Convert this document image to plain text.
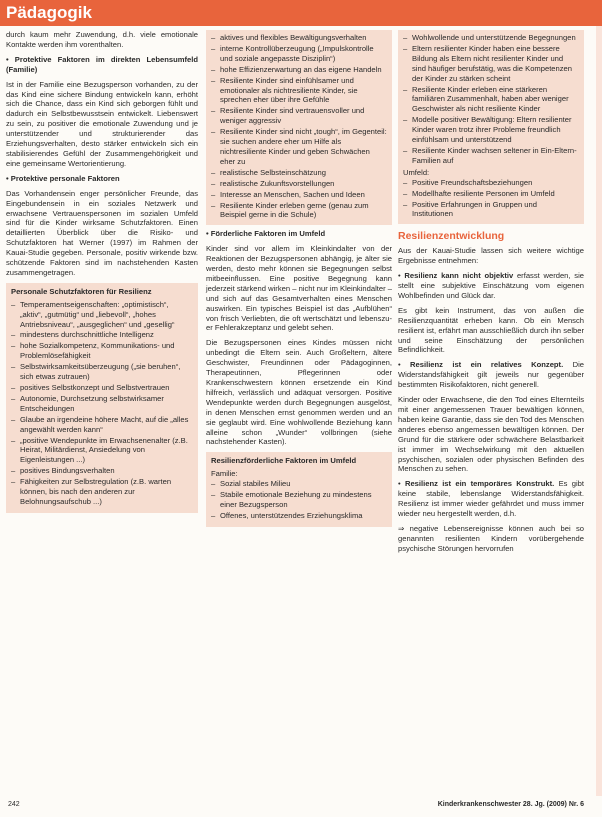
Pädagogik

durch kaum mehr Zuwendung, d.h. viele emotionale Kontakte werden ihm vorenthalten.

• Protektive Faktoren im direkten Lebensumfeld (Familie)

Ist in der Familie eine Bezugsperson vorhanden, zu der das Kind eine sichere Bindung entwickeln kann, erhöht sich die Chance, dass ein Kind sich geborgen fühlt und dadurch ein Selbstbewusstsein entwickelt. Liebenswert zu sein, zu positiver die emotionale Zuwendung und je unterstützender und strukturierender das Erziehungsverhalten, desto stärker entwickeln sich ein stabilisierendes Gefühl der Zusammengehörigkeit und eine gemeinsame Wertorientierung.

• Protektive personale Faktoren

Das Vorhandensein enger persönlicher Freunde, das Eingebundensein in ein soziales Netzwerk und erwachsene Vertrauenspersonen im sozialen Umfeld sind für die Kinder wirksame Schutzfaktoren. Einen detaillierten Überblick über die Risiko- und Schutzfaktoren hat Werner (1997) im Rahmen der Kauai-Studie gegeben. Personale, positiv wirkende bzw. schützende Faktoren sind im nachstehenden Kasten zusammengetragen.

Personale Schutzfaktoren für Resilienz
– Temperamentseigenschaften: „optimistisch“, „aktiv“, „gutmütig“ und „liebevoll“, „hohes Antriebsniveau“, „ausgeglichen“ und „gesellig“
– mindestens durchschnittliche Intelligenz
– hohe Sozialkompetenz, Kommunikations- und Problemlösefähigkeit
– Selbstwirksamkeitsüberzeugung („sie beruhen“, sich etwas zutrauen)
– positives Selbstkonzept und Selbstvertrauen
– Autonomie, Durchsetzung selbstwirksamer Entscheidungen
– Glaube an irgendeine höhere Macht, auf die „alles angewählt werden kann“
– „positive Wendepunkte im Erwachsenenalter (z.B. Heirat, Militärdienst, Ansiedelung von Eigenleistungen ...)
– positives Bindungsverhalten
– Fähigkeiten zur Selbstregulation (z.B. warten können, bis nach den anderen zur Belohnungsaufschub ...)
– aktives und flexibles Bewältigungsverhalten
– interne Kontrollüberzeugung („Impulskontrolle und soziale angepasste Disziplin“)
– hohe Effizienzerwartung an das eigene Handeln
– Resiliente Kinder sind einfühlsamer und emotionaler als nichtresiliente Kinder, sie sprechen eher über ihre Gefühle
– Resiliente Kinder sind vertrauensvoller und weniger aggressiv
– Resiliente Kinder sind nicht „tough“, im Gegenteil: sie suchen andere eher um Hilfe als nichtresiliente Kinder und geben Schwächen eher zu
– realistische Selbsteinschätzung
– realistische Zukunftsvorstellungen
– Interesse an Menschen, Sachen und Ideen
– Resiliente Kinder erleben gerne (genau zum Beispiel gerne in die Schule)

• Förderliche Faktoren im Umfeld

Kinder sind vor allem im Kleinkindalter von der Reaktionen der Bezugspersonen abhängig, je älter sie werden, desto mehr können sie Begegnungen selbst mitbeeinflussen. Eine positive Begegnung kann jederzeit stärkend wirken – nicht nur im Kleinkindalter – und sich auf das Gesamtverhalten eines Menschen auswirken. Ein typisches Beispiel ist das „Aufblühen“ von frisch Verliebten, die oft wertschätzt und lebenszu- er Fehlerakzeptanz und gelebt sehen.

Die Bezugspersonen eines Kindes müssen nicht unbedingt die Eltern sein. Auch Großeltern, ältere Geschwister, Freundinnen oder Pädagoginnen, Therapeutinnen, Pflegerinnen oder Krankenschwestern können ersetzende ein Kind hilfreich, verlässlich und adäquat versorgen. Positive Wendepunkte werden durch Begegnungen ausgelöst, in denen Menschen ernst genommen werden und an sie geglaubt wird. Eine wohlwollende Beziehung kann alleine schon „Wunder“ vollbringen (siehe nachstehender Kasten).

Resilienzförderliche Faktoren im Umfeld
Familie:
– Sozial stabiles Milieu
– Stabile emotionale Beziehung zu mindestens einer Bezugsperson
– Offenes, unterstützendes Erziehungsklima
– Wohlwollende und unterstützende Begegnungen
– Eltern resilienter Kinder haben eine bessere Bildung als Eltern nicht resilienter Kinder und sind häufiger berufstätig, was die Kompetenzen der Kinder zu stärken scheint
– Resiliente Kinder erleben eine stärkeren familiären Zusammenhalt, haben aber weniger Geschwister als nicht resiliente Kinder
– Modelle positiver Bewältigung: Eltern resilienter Kinder waren trotz ihrer Probleme freundlich einfühlsam und unterstützend
– Resiliente Kinder wachsen seltener in Ein-Eltern-Familien auf
Umfeld:
– Positive Freundschaftsbeziehungen
– Modellhafte resiliente Personen im Umfeld
– Positive Erfahrungen in Gruppen und Institutionen
Resilienzentwicklung

Aus der Kauai-Studie lassen sich weitere wichtige Ergebnisse entnehmen:

• Resilienz kann nicht objektiv erfasst werden, sie stellt eine subjektive Einschätzung vom eigenen Wohlbefinden und Glück dar.

Es gibt kein Instrument, das von außen die Resilienzquantität erheben kann. Ob ein Mensch resilient ist, erfährt man ausschließlich durch ihn selber und seine Einschätzung der persönlichen Befindlichkeit.

• Resilienz ist ein relatives Konzept. Die Widerstandsfähigkeit gilt jeweils nur gegenüber bestimmten Risikofaktoren, nicht generell.

Kinder oder Erwachsene, die den Tod eines Elternteils mit einer angemessenen Trauer bewältigen können, haben keine Garantie, dass sie den Tod des Menschen anderes ebenso angemessen bewältigen können. Der Grund für die stärkere oder schwächere Belastbarkeit ist immer im Wechselwirkung mit den aktuellen psychischen, sozialen oder physischen Befinden des Menschen zu sehen.

• Resilienz ist ein temporäres Konstrukt. Es gibt keine stabile, lebenslange Widerstandsfähigkeit. Resilienz ist immer wieder gefährdet und muss immer wieder neu hergestellt werden, d.h.

⇒ negative Lebensereignisse können auch bei so genannten resilienten Kindern vorübergehende psychische Störungen hervorrufen

242	Kinderkrankenschwester 28. Jg. (2009) Nr. 6
